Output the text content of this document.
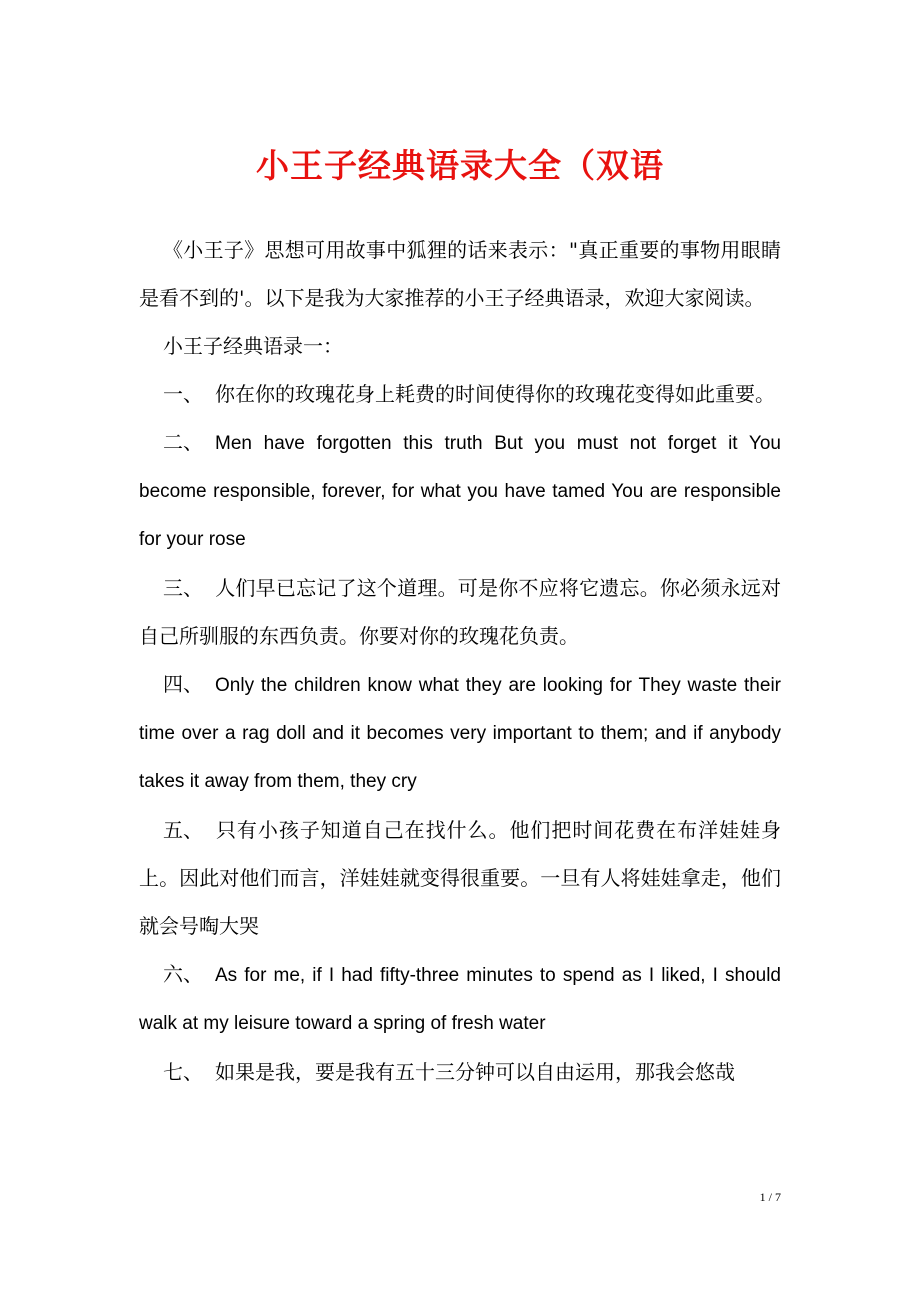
小王子经典语录大全（双语

《小王子》思想可用故事中狐狸的话来表示："真正重要的事物用眼睛是看不到的'。以下是我为大家推荐的小王子经典语录，欢迎大家阅读。

小王子经典语录一：

一、 你在你的玫瑰花身上耗费的时间使得你的玫瑰花变得如此重要。

二、 Men have forgotten this truth But you must not forget it You become responsible, forever, for what you have tamed You are responsible for your rose

三、 人们早已忘记了这个道理。可是你不应将它遗忘。你必须永远对自己所驯服的东西负责。你要对你的玫瑰花负责。

四、 Only the children know what they are looking for They waste their time over a rag doll and it becomes very important to them; and if anybody takes it away from them, they cry

五、 只有小孩子知道自己在找什么。他们把时间花费在布洋娃娃身上。因此对他们而言，洋娃娃就变得很重要。一旦有人将娃娃拿走，他们就会号啕大哭

六、 As for me, if I had fifty-three minutes to spend as I liked, I should walk at my leisure toward a spring of fresh water

七、 如果是我，要是我有五十三分钟可以自由运用，那我会悠哉

1 / 7
